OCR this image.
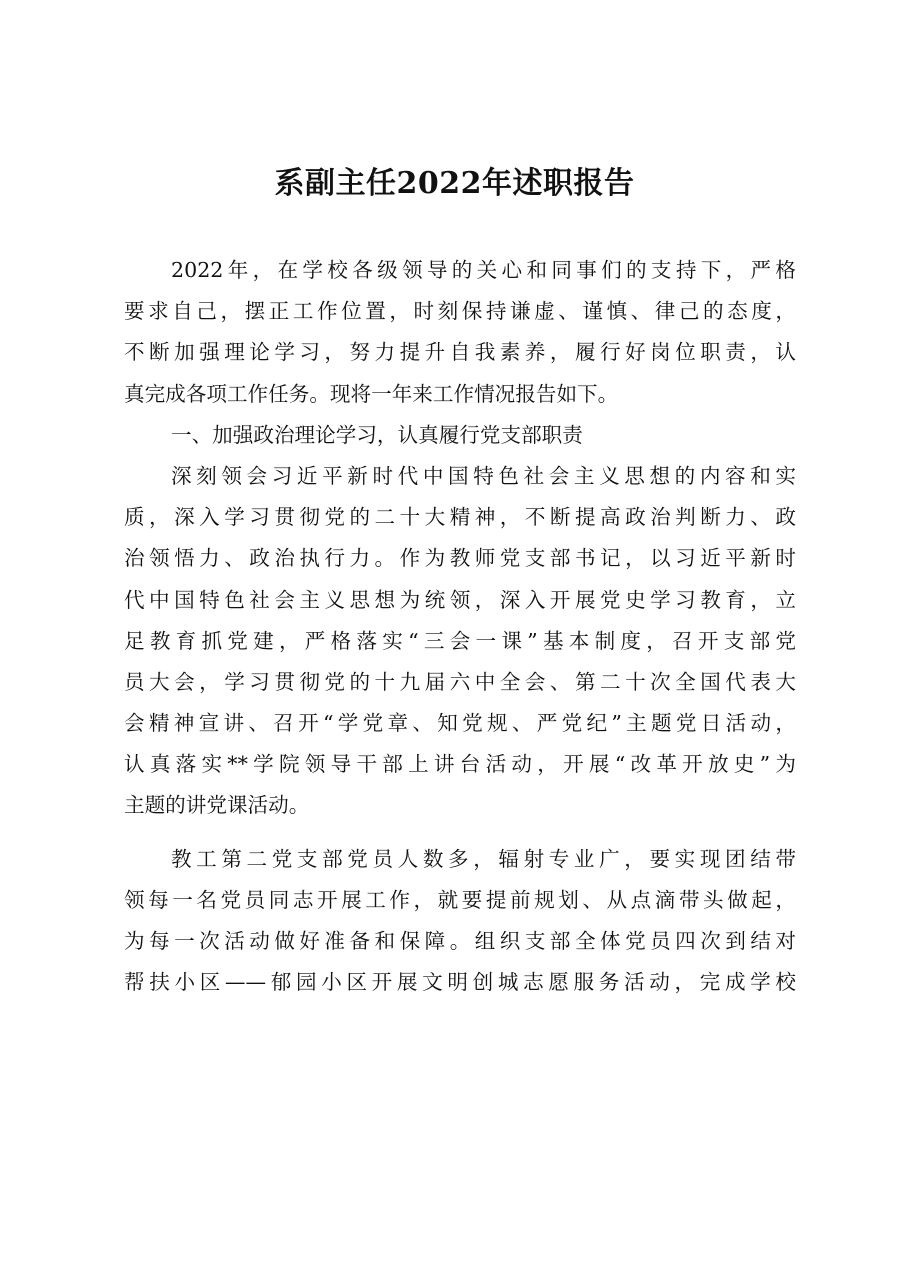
系副主任2022年述职报告
2022年，在学校各级领导的关心和同事们的支持下，严格
要求自己，摆正工作位置，时刻保持谦虚、谨慎、律己的态度，
不断加强理论学习，努力提升自我素养，履行好岗位职责，认
真完成各项工作任务。现将一年来工作情况报告如下。
一、加强政治理论学习，认真履行党支部职责
深刻领会习近平新时代中国特色社会主义思想的内容和实
质，深入学习贯彻党的二十大精神，不断提高政治判断力、政
治领悟力、政治执行力。作为教师党支部书记，以习近平新时
代中国特色社会主义思想为统领，深入开展党史学习教育，立
足教育抓党建，严格落实“三会一课”基本制度，召开支部党
员大会，学习贯彻党的十九届六中全会、第二十次全国代表大
会精神宣讲、召开“学党章、知党规、严党纪”主题党日活动，
认真落实**学院领导干部上讲台活动，开展“改革开放史”为
主题的讲党课活动。
教工第二党支部党员人数多，辐射专业广，要实现团结带
领每一名党员同志开展工作，就要提前规划、从点滴带头做起，
为每一次活动做好准备和保障。组织支部全体党员四次到结对
帮扶小区——郁园小区开展文明创城志愿服务活动，完成学校
